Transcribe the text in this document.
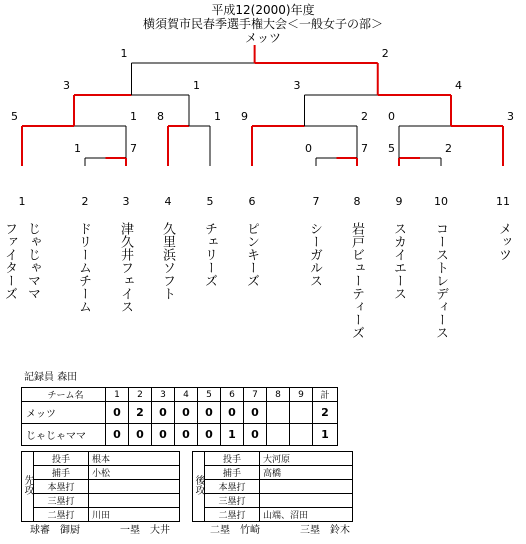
平成12(2000)年度
横須賀市民春季選手権大会＜一般女子の部＞
メッツ
1	7	0	7 5	2
5	1 8	1 9	2 0	3
3	1	3	4
1	2
1	2	3	4	5	6	7	8	9	10	11
ファイターズ じゃじゃママ	ドリームチーム 津久井フェイス 久里浜ソフト チェリーズ ピンキーズ	シーガルス 岩戸ビューティーズ スカイエース コーストレディース	メッツ
記録員 森田
チーム名	1	2	3	4	5	6	7	8	9	計
メッツ	0	2	0	0	0	0	0			2
じゃじゃママ	0	0	0	0	0	1	0			1
先攻	投手	根本
	捕手	小松
	本塁打	
	三塁打	
	二塁打	川田
後攻	投手	大河原
	捕手	高橋
	本塁打	
	三塁打	
	二塁打	山端、沼田
球審　御厨　　　　一塁　大井　　　　二塁　竹崎　　　　三塁　鈴木
